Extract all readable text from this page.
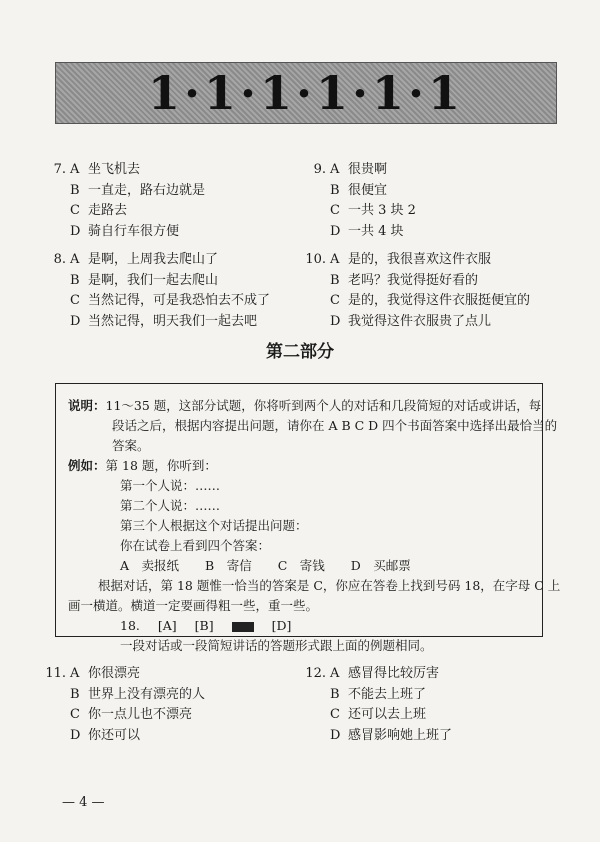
1·1·1·1·1·1
7. A 坐飞机去
B 一直走，路右边就是
C 走路去
D 骑自行车很方便
8. A 是啊，上周我去爬山了
B 是啊，我们一起去爬山
C 当然记得，可是我恐怕去不成了
D 当然记得，明天我们一起去吧
9. A 很贵啊
B 很便宜
C 一共 3 块 2
D 一共 4 块
10. A 是的，我很喜欢这件衣服
B 老吗？我觉得挺好看的
C 是的，我觉得这件衣服挺便宜的
D 我觉得这件衣服贵了点儿
第二部分
说明：11～35 题，这部分试题，你将听到两个人的对话和几段简短的对话或讲话，每
段话之后，根据内容提出问题，请你在 A B C D 四个书面答案中选择出最恰当的
答案。
例如：第 18 题，你听到：
第一个人说：……
第二个人说：……
第三个人根据这个对话提出问题：
你在试卷上看到四个答案：
A　卖报纸 B　寄信 C　寄钱 D　买邮票
根据对话，第 18 题惟一恰当的答案是 C，你应在答卷上找到号码 18，在字母 C 上
画一横道。横道一定要画得粗一些，重一些。
18. [A] [B]	[D]
一段对话或一段简短讲话的答题形式跟上面的例题相同。
11. A 你很漂亮
B 世界上没有漂亮的人
C 你一点儿也不漂亮
D 你还可以
12. A 感冒得比较厉害
B 不能去上班了
C 还可以去上班
D 感冒影响她上班了
— 4 —
